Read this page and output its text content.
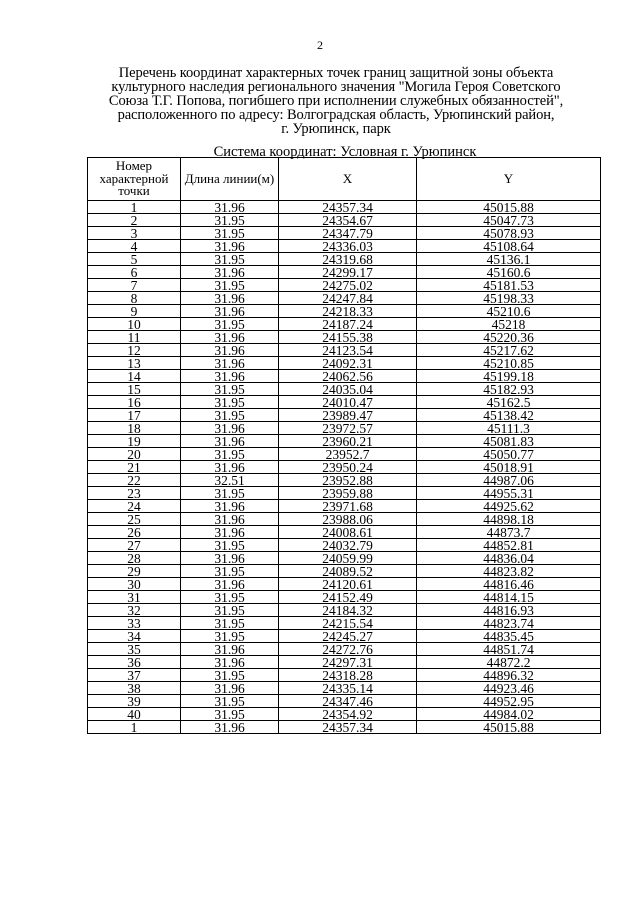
2
Перечень координат характерных точек границ защитной зоны объекта
культурного наследия регионального значения "Могила Героя Советского
Союза Т.Г. Попова, погибшего при исполнении служебных обязанностей",
расположенного по адресу: Волгоградская область, Урюпинский район,
г. Урюпинск, парк
Система координат: Условная г. Урюпинск
Номер характерной точки	Длина линии(м)	X	Y
1	31.96	24357.34	45015.88
2	31.95	24354.67	45047.73
3	31.95	24347.79	45078.93
4	31.96	24336.03	45108.64
5	31.95	24319.68	45136.1
6	31.96	24299.17	45160.6
7	31.95	24275.02	45181.53
8	31.96	24247.84	45198.33
9	31.96	24218.33	45210.6
10	31.95	24187.24	45218
11	31.96	24155.38	45220.36
12	31.96	24123.54	45217.62
13	31.96	24092.31	45210.85
14	31.96	24062.56	45199.18
15	31.95	24035.04	45182.93
16	31.95	24010.47	45162.5
17	31.95	23989.47	45138.42
18	31.96	23972.57	45111.3
19	31.96	23960.21	45081.83
20	31.95	23952.7	45050.77
21	31.96	23950.24	45018.91
22	32.51	23952.88	44987.06
23	31.95	23959.88	44955.31
24	31.96	23971.68	44925.62
25	31.96	23988.06	44898.18
26	31.96	24008.61	44873.7
27	31.95	24032.79	44852.81
28	31.96	24059.99	44836.04
29	31.95	24089.52	44823.82
30	31.96	24120.61	44816.46
31	31.95	24152.49	44814.15
32	31.95	24184.32	44816.93
33	31.95	24215.54	44823.74
34	31.95	24245.27	44835.45
35	31.96	24272.76	44851.74
36	31.96	24297.31	44872.2
37	31.95	24318.28	44896.32
38	31.96	24335.14	44923.46
39	31.95	24347.46	44952.95
40	31.95	24354.92	44984.02
1	31.96	24357.34	45015.88
